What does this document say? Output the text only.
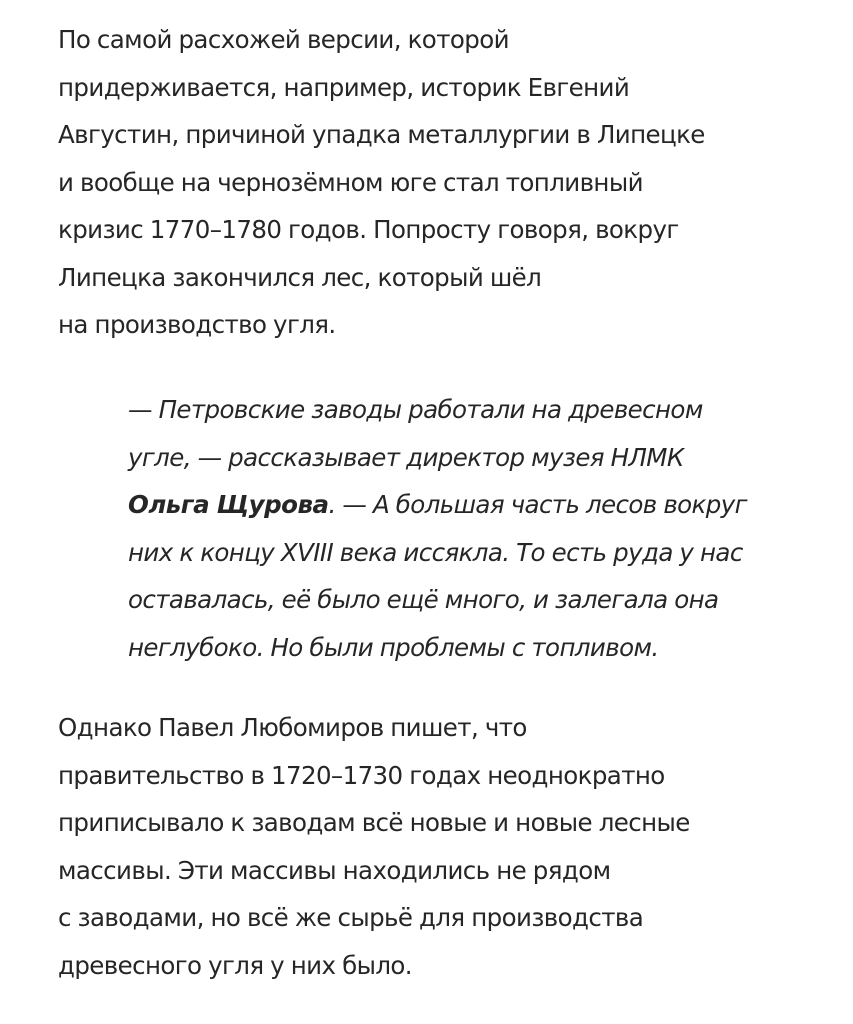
По самой расхожей версии, которой
придерживается, например, историк Евгений
Августин, причиной упадка металлургии в Липецке
и вообще на чернозёмном юге стал топливный
кризис 1770–1780 годов. Попросту говоря, вокруг
Липецка закончился лес, который шёл
на производство угля.

— Петровские заводы работали на древесном
угле, — рассказывает директор музея НЛМК
Ольга Щурова. — А большая часть лесов вокруг
них к концу XVIII века иссякла. То есть руда у нас
оставалась, её было ещё много, и залегала она
неглубоко. Но были проблемы с топливом.

Однако Павел Любомиров пишет, что
правительство в 1720–1730 годах неоднократно
приписывало к заводам всё новые и новые лесные
массивы. Эти массивы находились не рядом
с заводами, но всё же сырьё для производства
древесного угля у них было.
